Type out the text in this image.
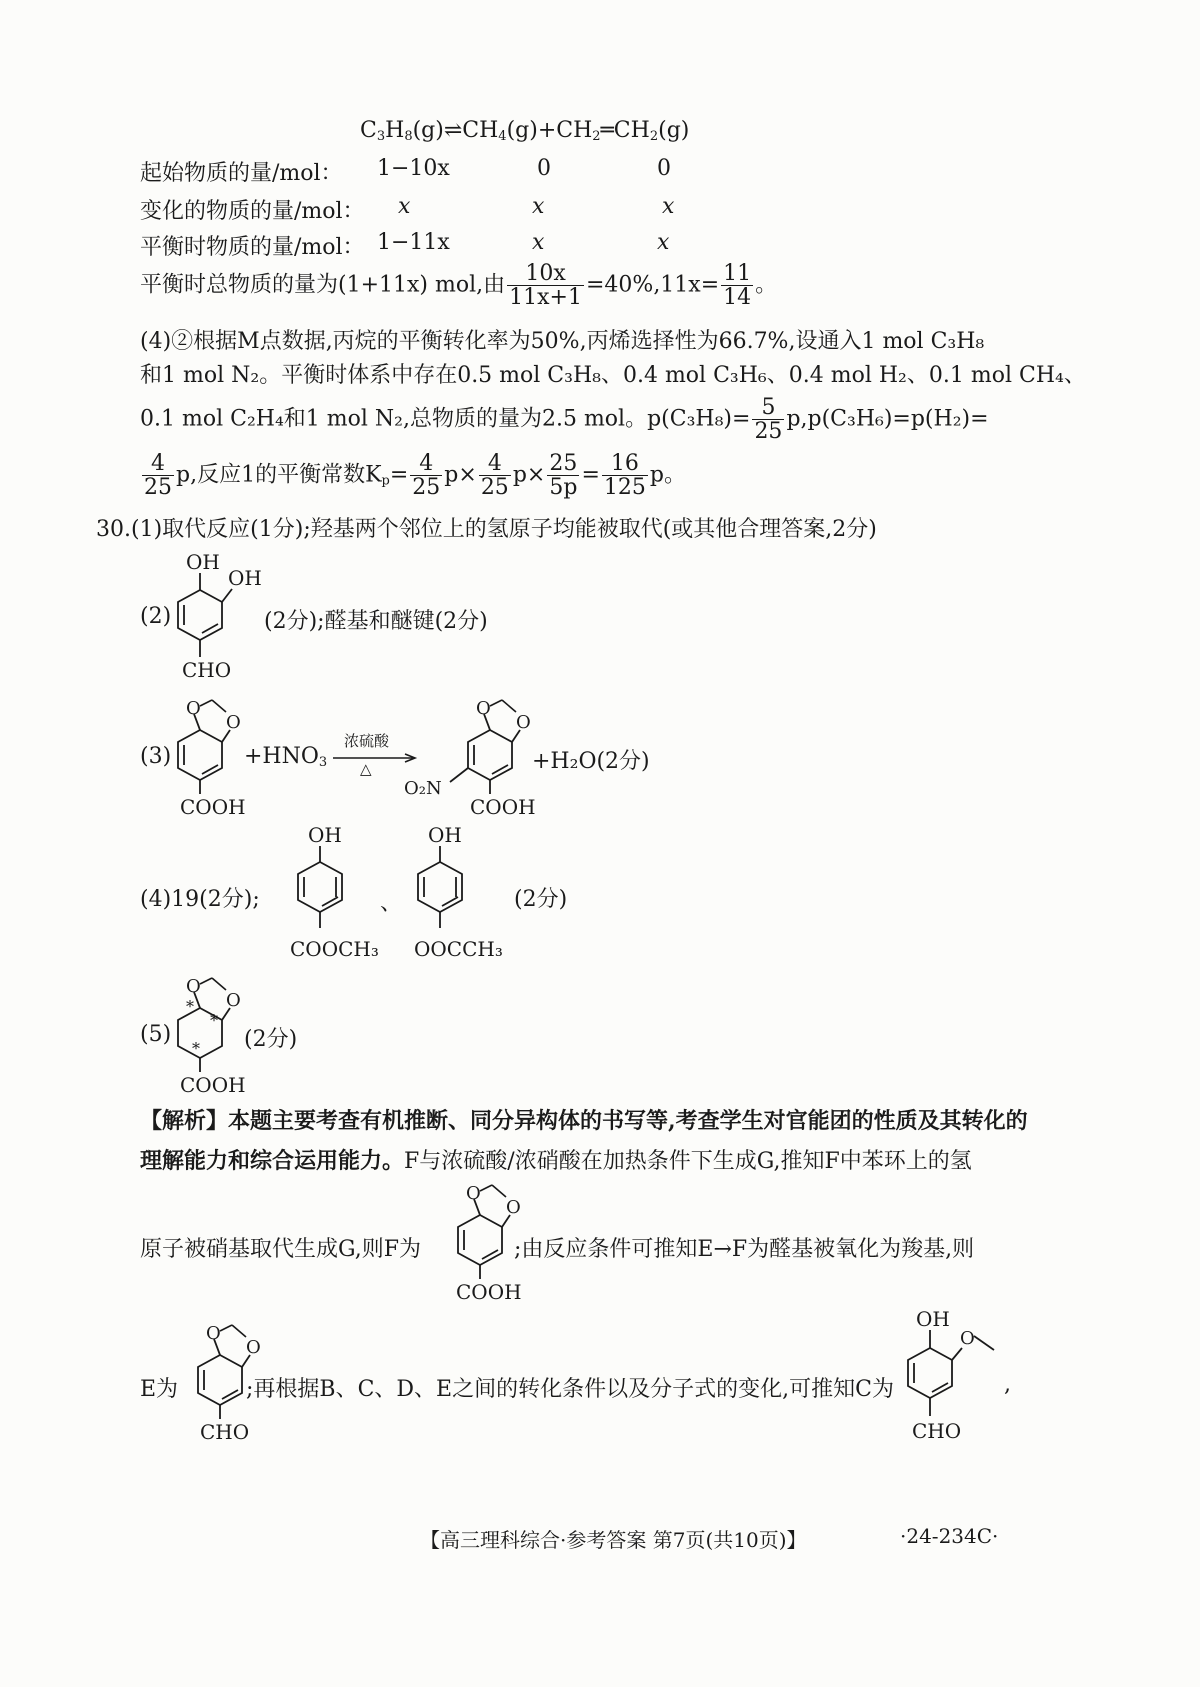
$C_3H_8(g)\rightleftharpoons CH_4(g)+CH_2═CH_2(g)$
起始物质的量/mol： 1−10x	0	0
变化的物质的量/mol： x	x	x
平衡时物质的量/mol： 1−11x	x	x
平衡时总物质的量为(1+11x) mol,由 $\frac{10x}{11x+1} =40\%,11x= \frac{11}{14}$ 。
(4)②根据M点数据,丙烷的平衡转化率为50%,丙烯选择性为66.7%,设通入1 mol C₃H₈
和1 mol N₂。平衡时体系中存在0.5 mol C₃H₈、0.4 mol C₃H₆、0.4 mol H₂、0.1 mol CH₄、
0.1 mol C₂H₄和1 mol N₂,总物质的量为2.5 mol。$p(C_3H_8)= \frac{5}{25} p,p(C_3H_6)=p(H_2)=$
$\frac{4}{25} p$,反应1的平衡常数$K_p= \frac{4}{25} p\times \frac{4}{25} p\times \frac{25}{5p} = \frac{16}{125}$ p。
30.(1)取代反应(1分);羟基两个邻位上的氢原子均能被取代(或其他合理答案,2分)
(2)
OH
OH
CHO
(2分);醛基和醚键(2分)
(3)
O
O
COOH
$+HNO_3$
浓硫酸
△
O
O
O₂N
COOH
+H₂O(2分)
(4)19(2分);
OH
COOCH₃
、
OH
OOCCH₃
(2分)
(5)
O
O
*
*
*
COOH
(2分)
【解析】本题主要考查有机推断、同分异构体的书写等,考查学生对官能团的性质及其转化的
理解能力和综合运用能力。F与浓硫酸/浓硝酸在加热条件下生成G,推知F中苯环上的氢
原子被硝基取代生成G,则F为
O
O
COOH
;由反应条件可推知E→F为醛基被氧化为羧基,则
E为
O
O
CHO
;再根据B、C、D、E之间的转化条件以及分子式的变化,可推知C为
OH
O
CHO
,
【高三理科综合·参考答案 第7页(共10页)】	·24-234C·
